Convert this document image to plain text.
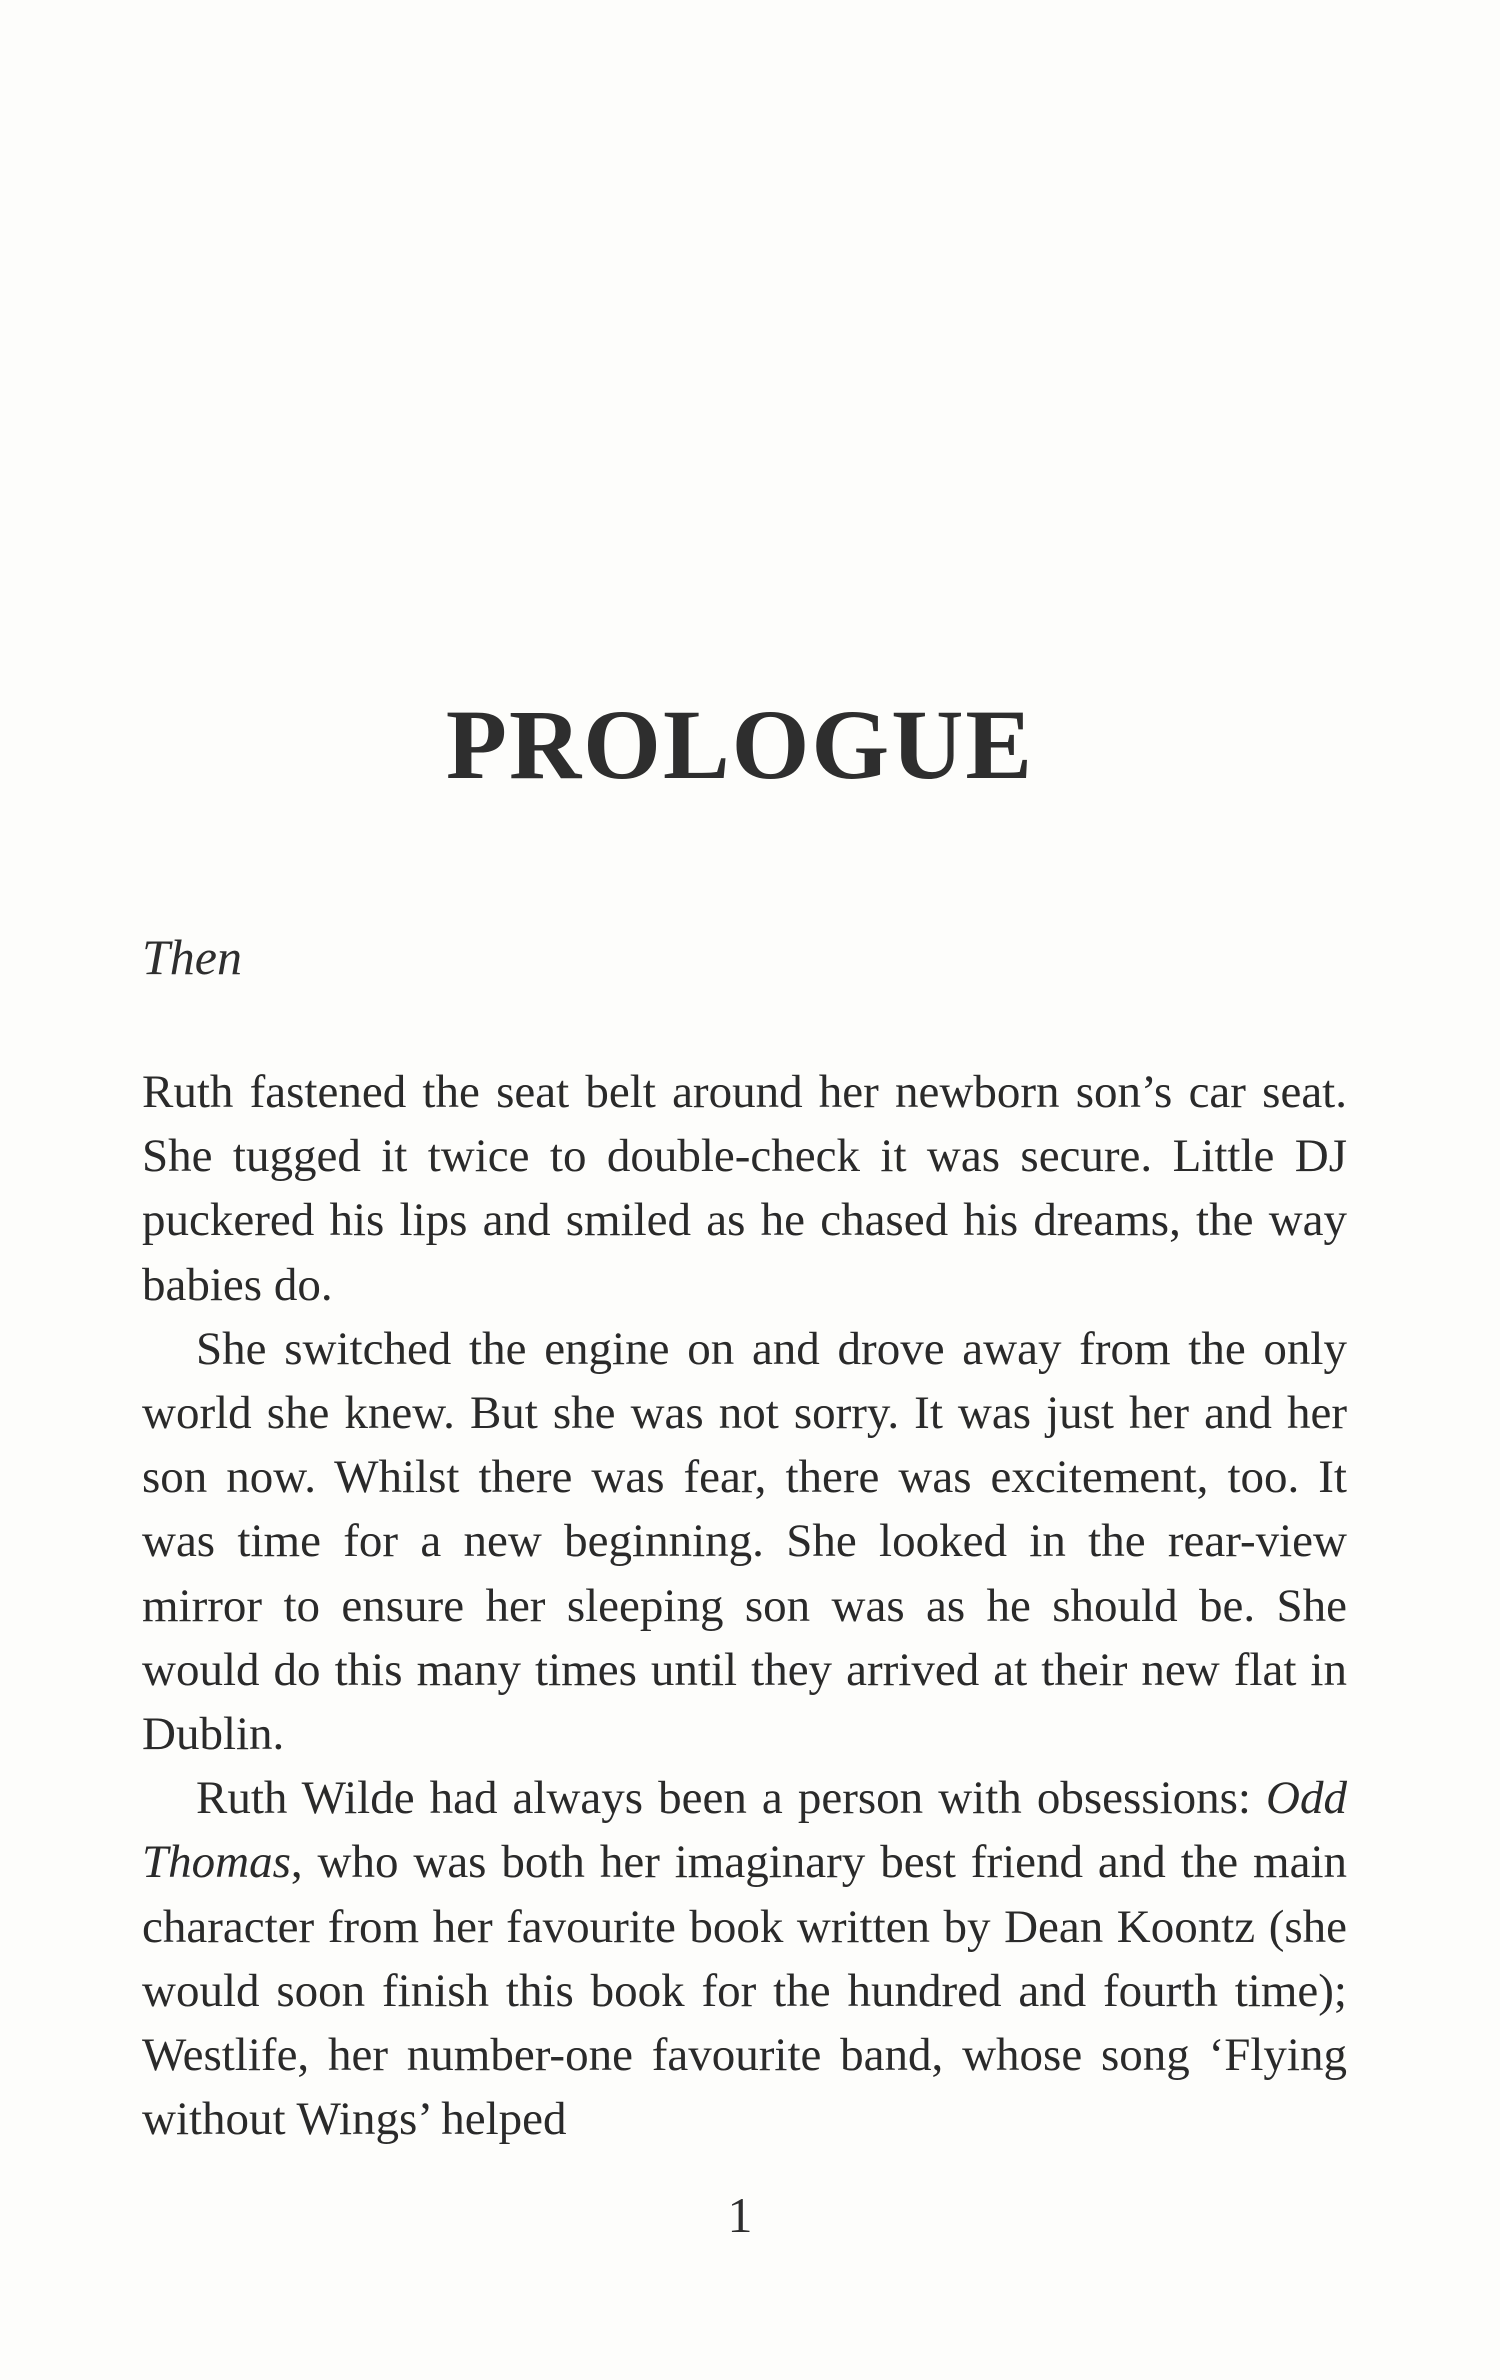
PROLOGUE
Then

Ruth fastened the seat belt around her newborn son’s car seat. She tugged it twice to double-check it was secure. Little DJ puckered his lips and smiled as he chased his dreams, the way babies do.

She switched the engine on and drove away from the only world she knew. But she was not sorry. It was just her and her son now. Whilst there was fear, there was excitement, too. It was time for a new beginning. She looked in the rear-view mirror to ensure her sleeping son was as he should be. She would do this many times until they arrived at their new flat in Dublin.

Ruth Wilde had always been a person with obsessions: Odd Thomas, who was both her imaginary best friend and the main character from her favourite book written by Dean Koontz (she would soon finish this book for the hundred and fourth time); Westlife, her number-one favourite band, whose song ‘Flying without Wings’ helped

1
